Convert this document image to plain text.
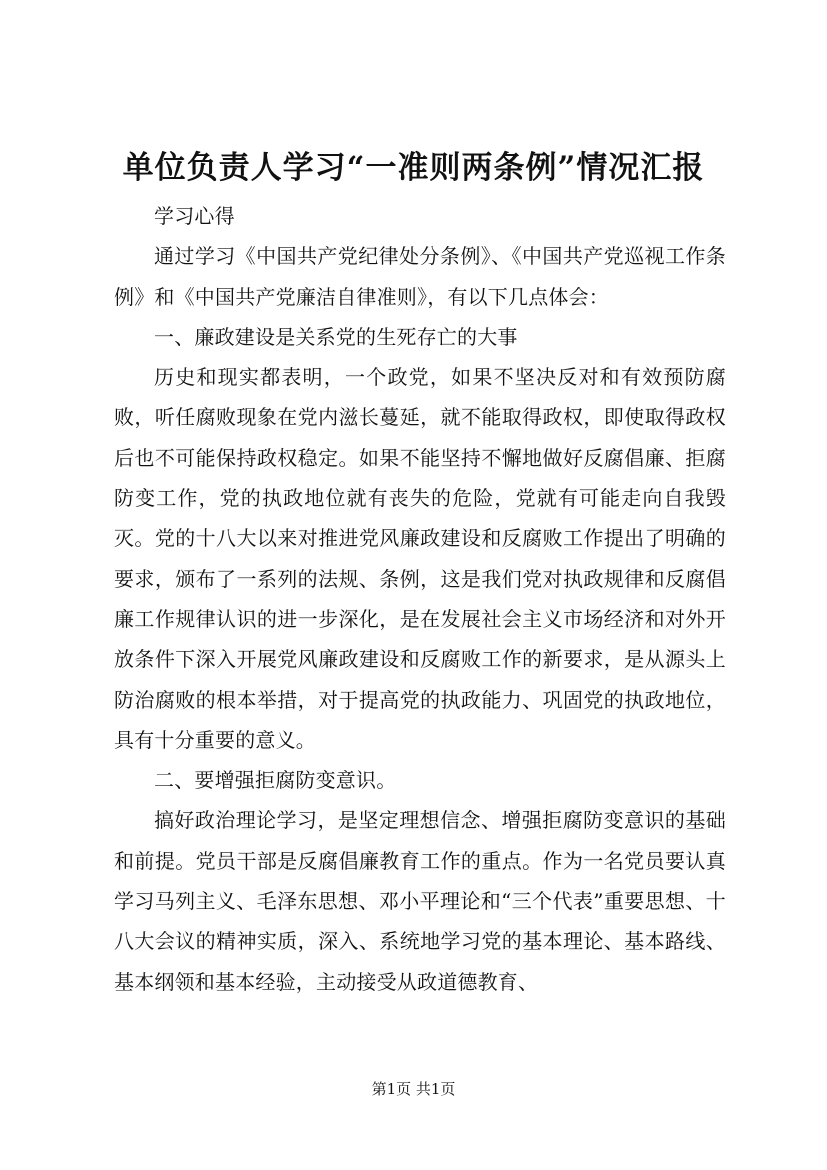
单位负责人学习“一准则两条例”情况汇报

学习心得

通过学习《中国共产党纪律处分条例》、《中国共产党巡视工作条例》和《中国共产党廉洁自律准则》，有以下几点体会：

一、廉政建设是关系党的生死存亡的大事

历史和现实都表明，一个政党，如果不坚决反对和有效预防腐败，听任腐败现象在党内滋长蔓延，就不能取得政权，即使取得政权后也不可能保持政权稳定。如果不能坚持不懈地做好反腐倡廉、拒腐防变工作，党的执政地位就有丧失的危险，党就有可能走向自我毁灭。党的十八大以来对推进党风廉政建设和反腐败工作提出了明确的要求，颁布了一系列的法规、条例，这是我们党对执政规律和反腐倡廉工作规律认识的进一步深化，是在发展社会主义市场经济和对外开放条件下深入开展党风廉政建设和反腐败工作的新要求，是从源头上防治腐败的根本举措，对于提高党的执政能力、巩固党的执政地位，具有十分重要的意义。

二、要增强拒腐防变意识。

搞好政治理论学习，是坚定理想信念、增强拒腐防变意识的基础和前提。党员干部是反腐倡廉教育工作的重点。作为一名党员要认真学习马列主义、毛泽东思想、邓小平理论和“三个代表”重要思想、十八大会议的精神实质，深入、系统地学习党的基本理论、基本路线、基本纲领和基本经验，主动接受从政道德教育、

第1页 共1页
